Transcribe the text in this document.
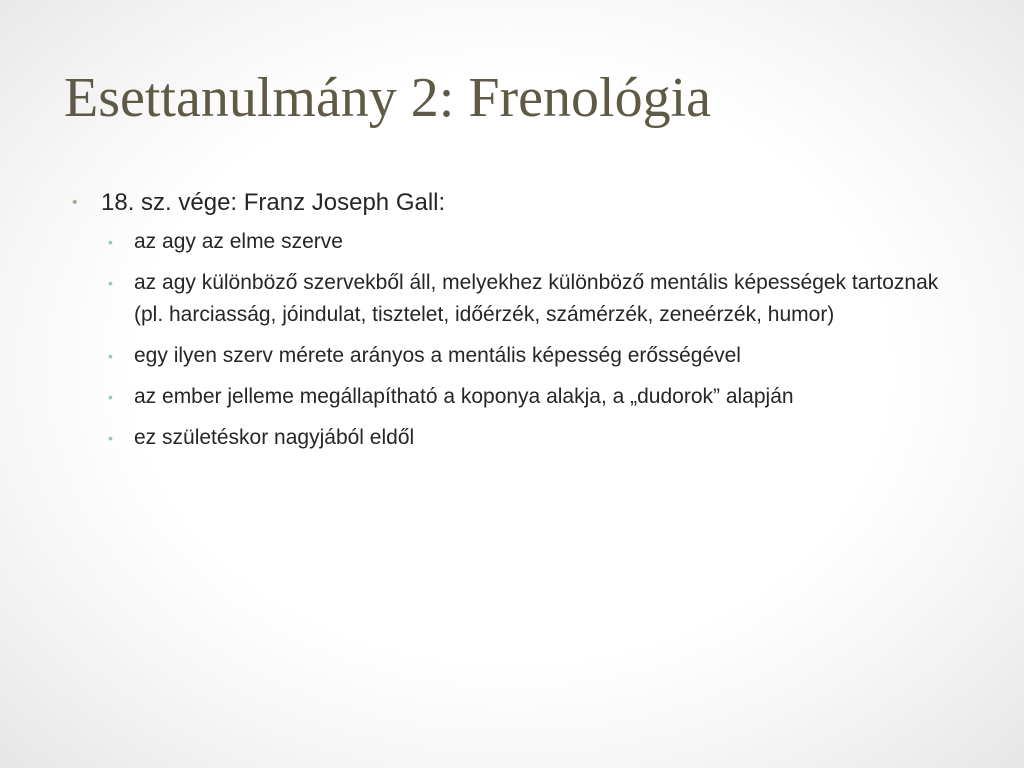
Esettanulmány 2: Frenológia
• 18. sz. vége: Franz Joseph Gall:
• az agy az elme szerve
• az agy különböző szervekből áll, melyekhez különböző mentális képességek tartoznak (pl. harciasság, jóindulat, tisztelet, időérzék, számérzék, zeneérzék, humor)
• egy ilyen szerv mérete arányos a mentális képesség erősségével
• az ember jelleme megállapítható a koponya alakja, a „dudorok” alapján
• ez születéskor nagyjából eldől
